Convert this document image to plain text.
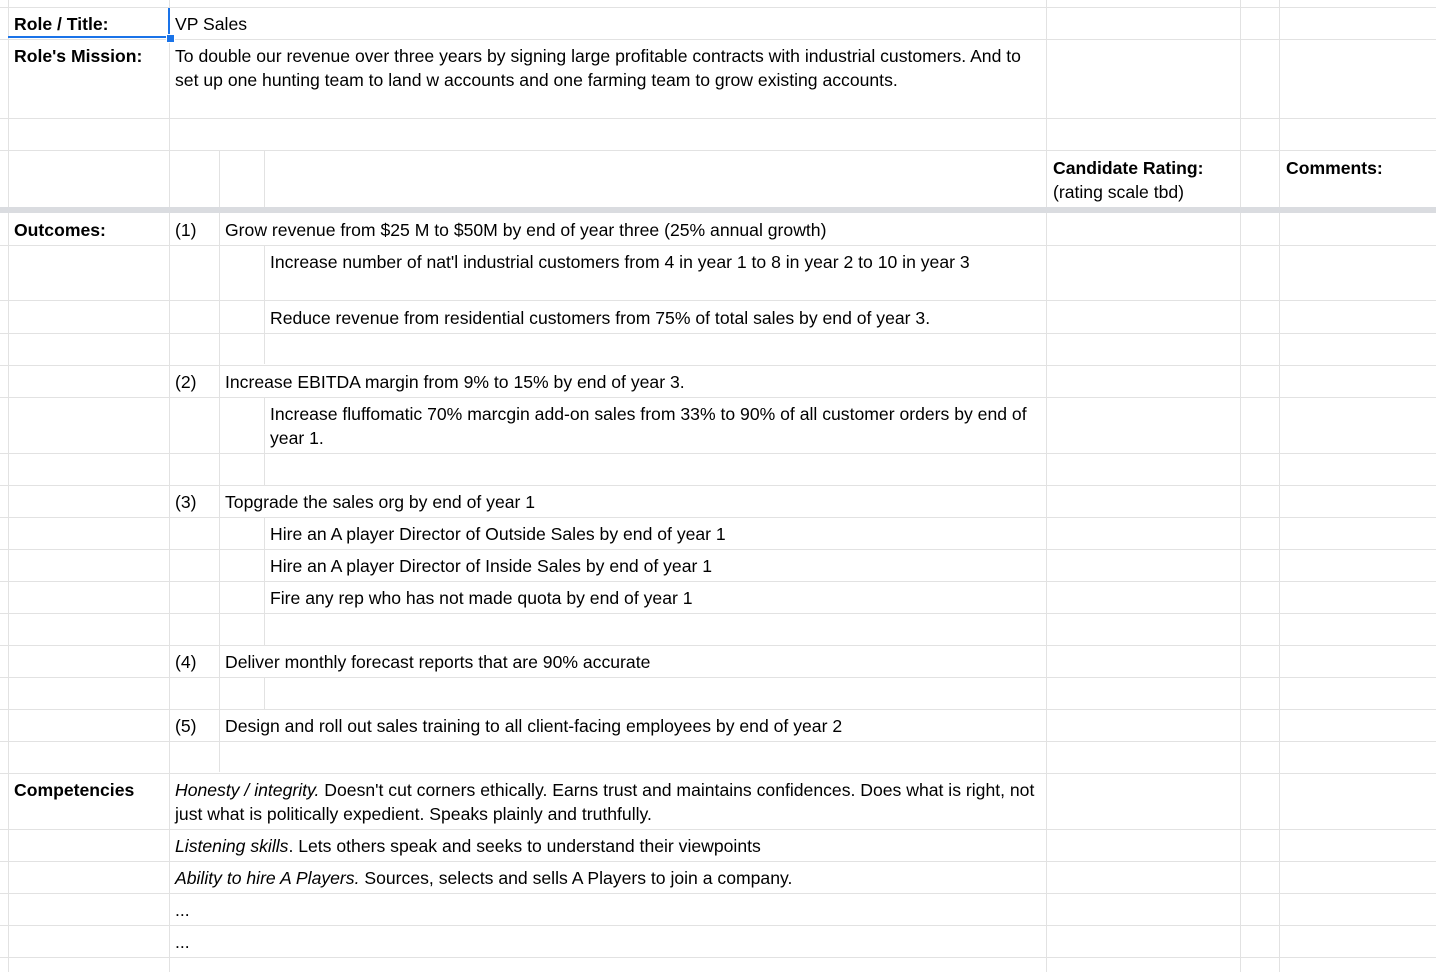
Role / Title:	VP Sales
Role's Mission: To double our revenue over three years by signing large profitable contracts with industrial customers. And to set up one hunting team to land w accounts and one farming team to grow existing accounts.
Candidate Rating:
(rating scale tbd)
Comments:
Outcomes:	(1) Grow revenue from $25 M to $50M by end of year three (25% annual growth)
Increase number of nat'l industrial customers from 4 in year 1 to 8 in year 2 to 10 in year 3
Reduce revenue from residential customers from 75% of total sales by end of year 3.
(2) Increase EBITDA margin from 9% to 15% by end of year 3.
Increase fluffomatic 70% marcgin add-on sales from 33% to 90% of all customer orders by end of year 1.
(3) Topgrade the sales org by end of year 1
Hire an A player Director of Outside Sales by end of year 1
Hire an A player Director of Inside Sales by end of year 1
Fire any rep who has not made quota by end of year 1
(4) Deliver monthly forecast reports that are 90% accurate
(5) Design and roll out sales training to all client-facing employees by end of year 2
Competencies Honesty / integrity. Doesn't cut corners ethically. Earns trust and maintains confidences. Does what is right, not just what is politically expedient. Speaks plainly and truthfully.
Listening skills. Lets others speak and seeks to understand their viewpoints
Ability to hire A Players. Sources, selects and sells A Players to join a company.
...
...
